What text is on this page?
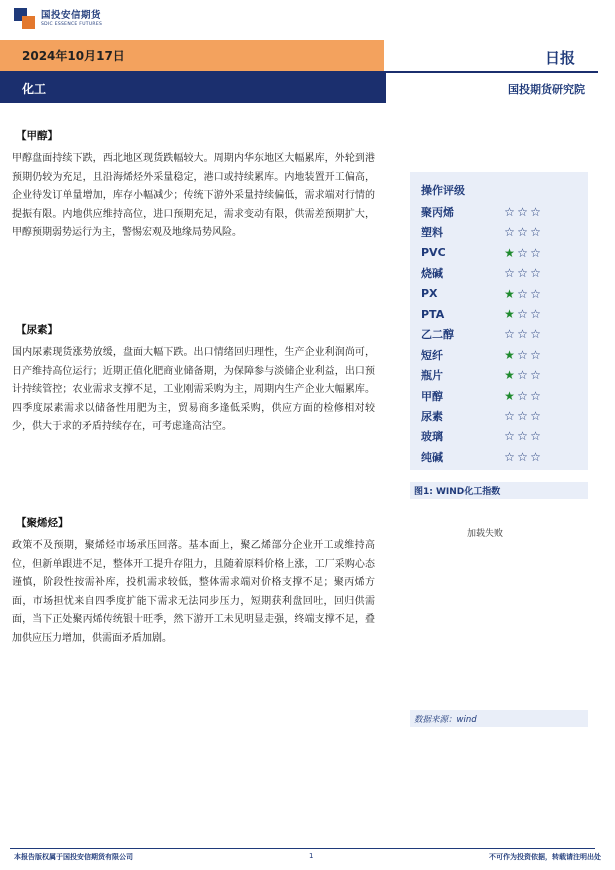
国投安信期货
SDIC ESSENCE FUTURES
2024年10月17日	日报
化工	国投期货研究院
【甲醇】
甲醇盘面持续下跌，西北地区现货跌幅较大。周期内华东地区大幅累库，外轮到港预期仍较为充足，且沿海烯烃外采量稳定，港口或持续累库。内地装置开工偏高，企业待发订单量增加，库存小幅减少；传统下游外采量持续偏低，需求端对行情的提振有限。内地供应维持高位，进口预期充足，需求变动有限，供需差预期扩大，甲醇预期弱势运行为主，警惕宏观及地缘局势风险。
【尿素】
国内尿素现货涨势放缓，盘面大幅下跌。出口情绪回归理性，生产企业利润尚可，日产维持高位运行；近期正值化肥商业储备期，为保障参与淡储企业利益，出口预计持续管控；农业需求支撑不足，工业刚需采购为主，周期内生产企业大幅累库。四季度尿素需求以储备性用肥为主，贸易商多逢低采购，供应方面的检修相对较少，供大于求的矛盾持续存在，可考虑逢高沽空。
【聚烯烃】
政策不及预期，聚烯烃市场承压回落。基本面上，聚乙烯部分企业开工或维持高位，但新单跟进不足，整体开工提升存阻力，且随着原料价格上涨，工厂采购心态谨慎，阶段性按需补库，投机需求较低，整体需求端对价格支撑不足；聚丙烯方面，市场担忧来自四季度扩能下需求无法同步压力，短期获利盘回吐，回归供需面，当下正处聚丙烯传统银十旺季，然下游开工未见明显走强，终端支撑不足，叠加供应压力增加，供需面矛盾加剧。
操作评级
聚丙烯	☆ ☆ ☆
塑料	☆ ☆ ☆
PVC	★ ☆ ☆
烧碱	☆ ☆ ☆
PX	★ ☆ ☆
PTA	★ ☆ ☆
乙二醇	☆ ☆ ☆
短纤	★ ☆ ☆
瓶片	★ ☆ ☆
甲醇	★ ☆ ☆
尿素	☆ ☆ ☆
玻璃	☆ ☆ ☆
纯碱	☆ ☆ ☆
图1: WIND化工指数
加载失败
数据来源：wind
本报告版权属于国投安信期货有限公司	1	不可作为投资依据，转载请注明出处
